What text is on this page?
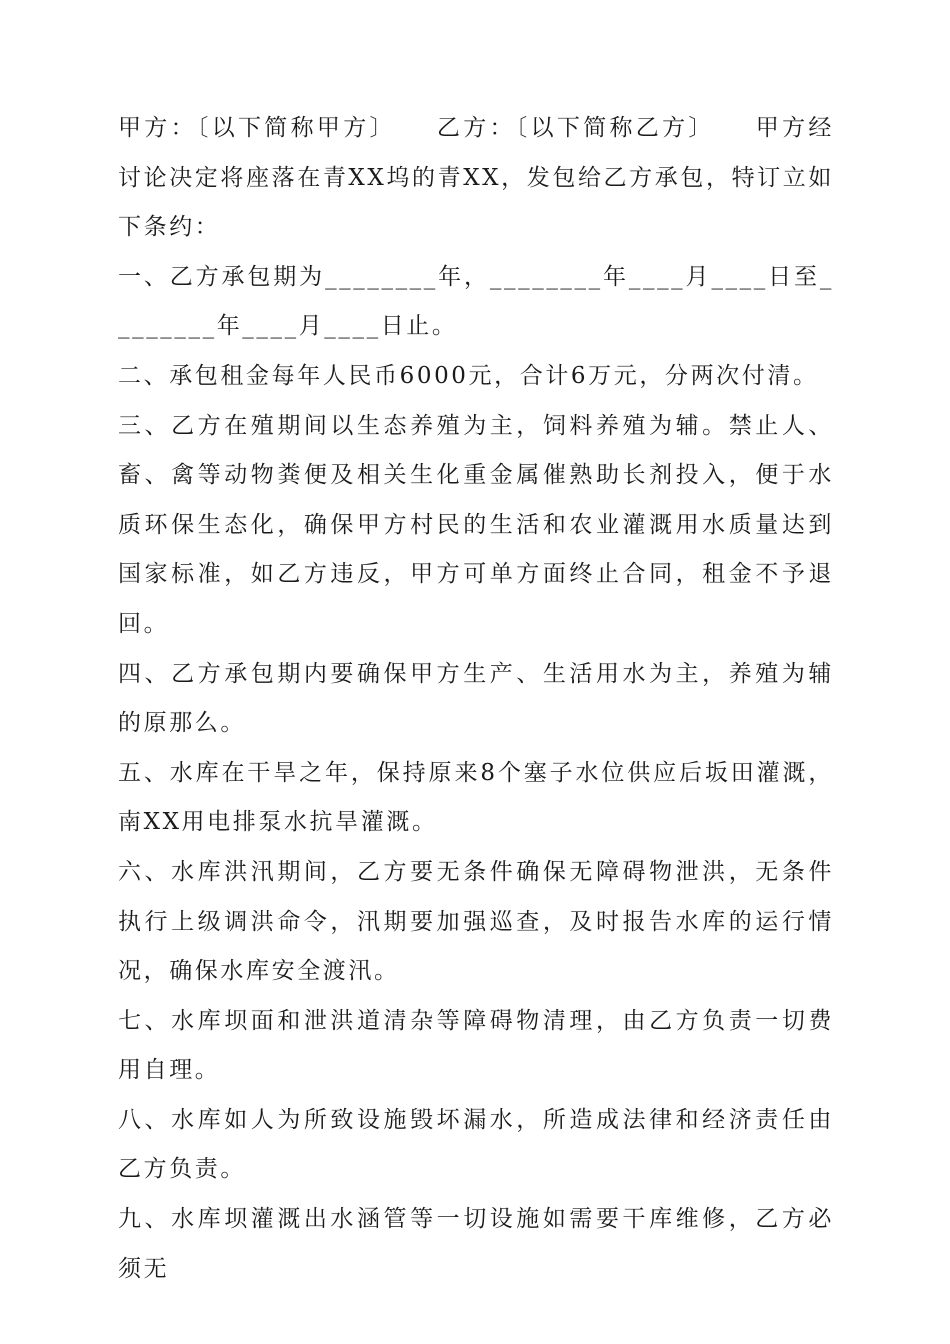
甲方：〔以下简称甲方〕　　乙方：〔以下简称乙方〕　　甲方经讨论决定将座落在青XX坞的青XX，发包给乙方承包，特订立如下条约：

一、乙方承包期为________年，________年____月____日至________年____月____日止。

二、承包租金每年人民币6000元，合计6万元，分两次付清。

三、乙方在殖期间以生态养殖为主，饲料养殖为辅。禁止人、畜、禽等动物粪便及相关生化重金属催熟助长剂投入，便于水质环保生态化，确保甲方村民的生活和农业灌溉用水质量达到国家标准，如乙方违反，甲方可单方面终止合同，租金不予退回。

四、乙方承包期内要确保甲方生产、生活用水为主，养殖为辅的原那么。

五、水库在干旱之年，保持原来8个塞子水位供应后坂田灌溉，南XX用电排泵水抗旱灌溉。

六、水库洪汛期间，乙方要无条件确保无障碍物泄洪，无条件执行上级调洪命令，汛期要加强巡查，及时报告水库的运行情况，确保水库安全渡汛。

七、水库坝面和泄洪道清杂等障碍物清理，由乙方负责一切费用自理。

八、水库如人为所致设施毁坏漏水，所造成法律和经济责任由乙方负责。

九、水库坝灌溉出水涵管等一切设施如需要干库维修，乙方必须无
